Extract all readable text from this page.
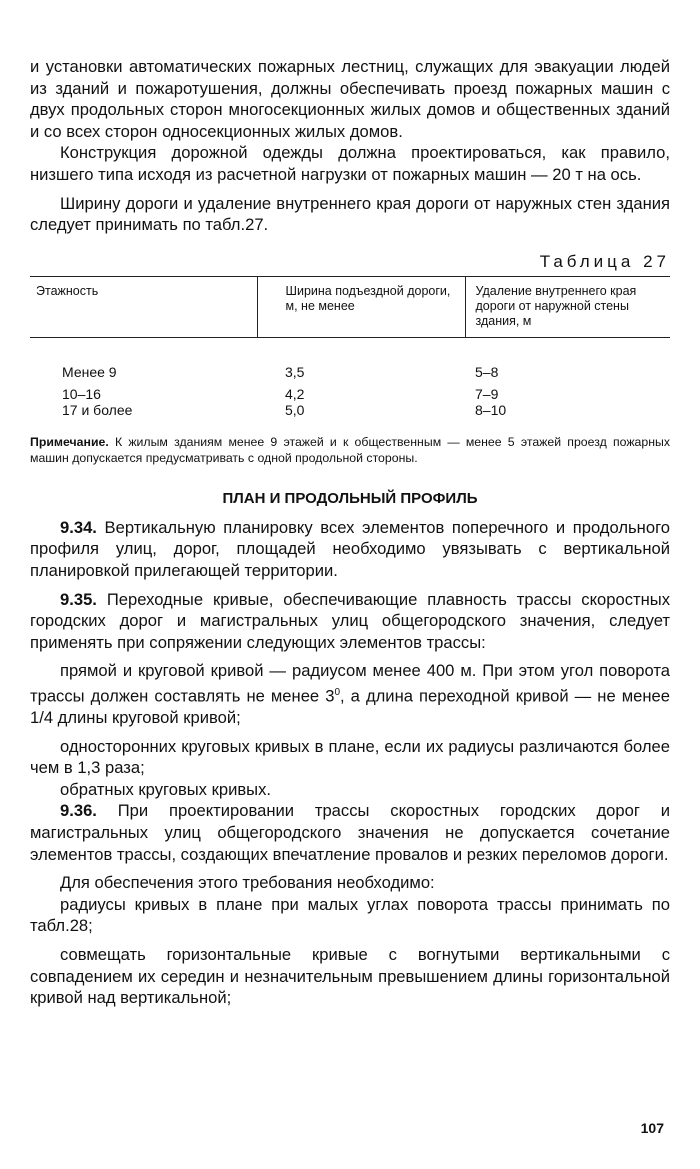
и установки автоматических пожарных лестниц, служащих для эвакуации людей из зданий и пожаротушения, должны обеспечивать проезд пожарных машин с двух продольных сторон многосекционных жилых домов и общественных зданий и со всех сторон односекционных жилых домов.

Конструкция дорожной одежды должна проектироваться, как правило, низшего типа исходя из расчетной нагрузки от пожарных машин — 20 т на ось.

Ширину дороги и удаление внутреннего края дороги от наружных стен здания следует принимать по табл.27.

Таблица 27
Этажность	Ширина подъездной дороги, м, не менее	Удаление внутреннего края дороги от наружной стены здания, м
Менее 9	3,5	5–8
10–16	4,2	7–9
17 и более	5,0	8–10
Примечание. К жилым зданиям менее 9 этажей и к общественным — менее 5 этажей проезд пожарных машин допускается предусматривать с одной продольной стороны.
ПЛАН И ПРОДОЛЬНЫЙ ПРОФИЛЬ

9.34. Вертикальную планировку всех элементов поперечного и продольного профиля улиц, дорог, площадей необходимо увязывать с вертикальной планировкой прилегающей территории.

9.35. Переходные кривые, обеспечивающие плавность трассы скоростных городских дорог и магистральных улиц общегородского значения, следует применять при сопряжении следующих элементов трассы:

прямой и круговой кривой — радиусом менее 400 м. При этом угол поворота трассы должен составлять не менее $3^0$, а длина переходной кривой — не менее 1/4 длины круговой кривой;

односторонних круговых кривых в плане, если их радиусы различаются более чем в 1,3 раза;

обратных круговых кривых.

9.36. При проектировании трассы скоростных городских дорог и магистральных улиц общегородского значения не допускается сочетание элементов трассы, создающих впечатление провалов и резких переломов дороги.

Для обеспечения этого требования необходимо:

радиусы кривых в плане при малых углах поворота трассы принимать по табл.28;

совмещать горизонтальные кривые с вогнутыми вертикальными с совпадением их середин и незначительным превышением длины горизонтальной кривой над вертикальной;

107
